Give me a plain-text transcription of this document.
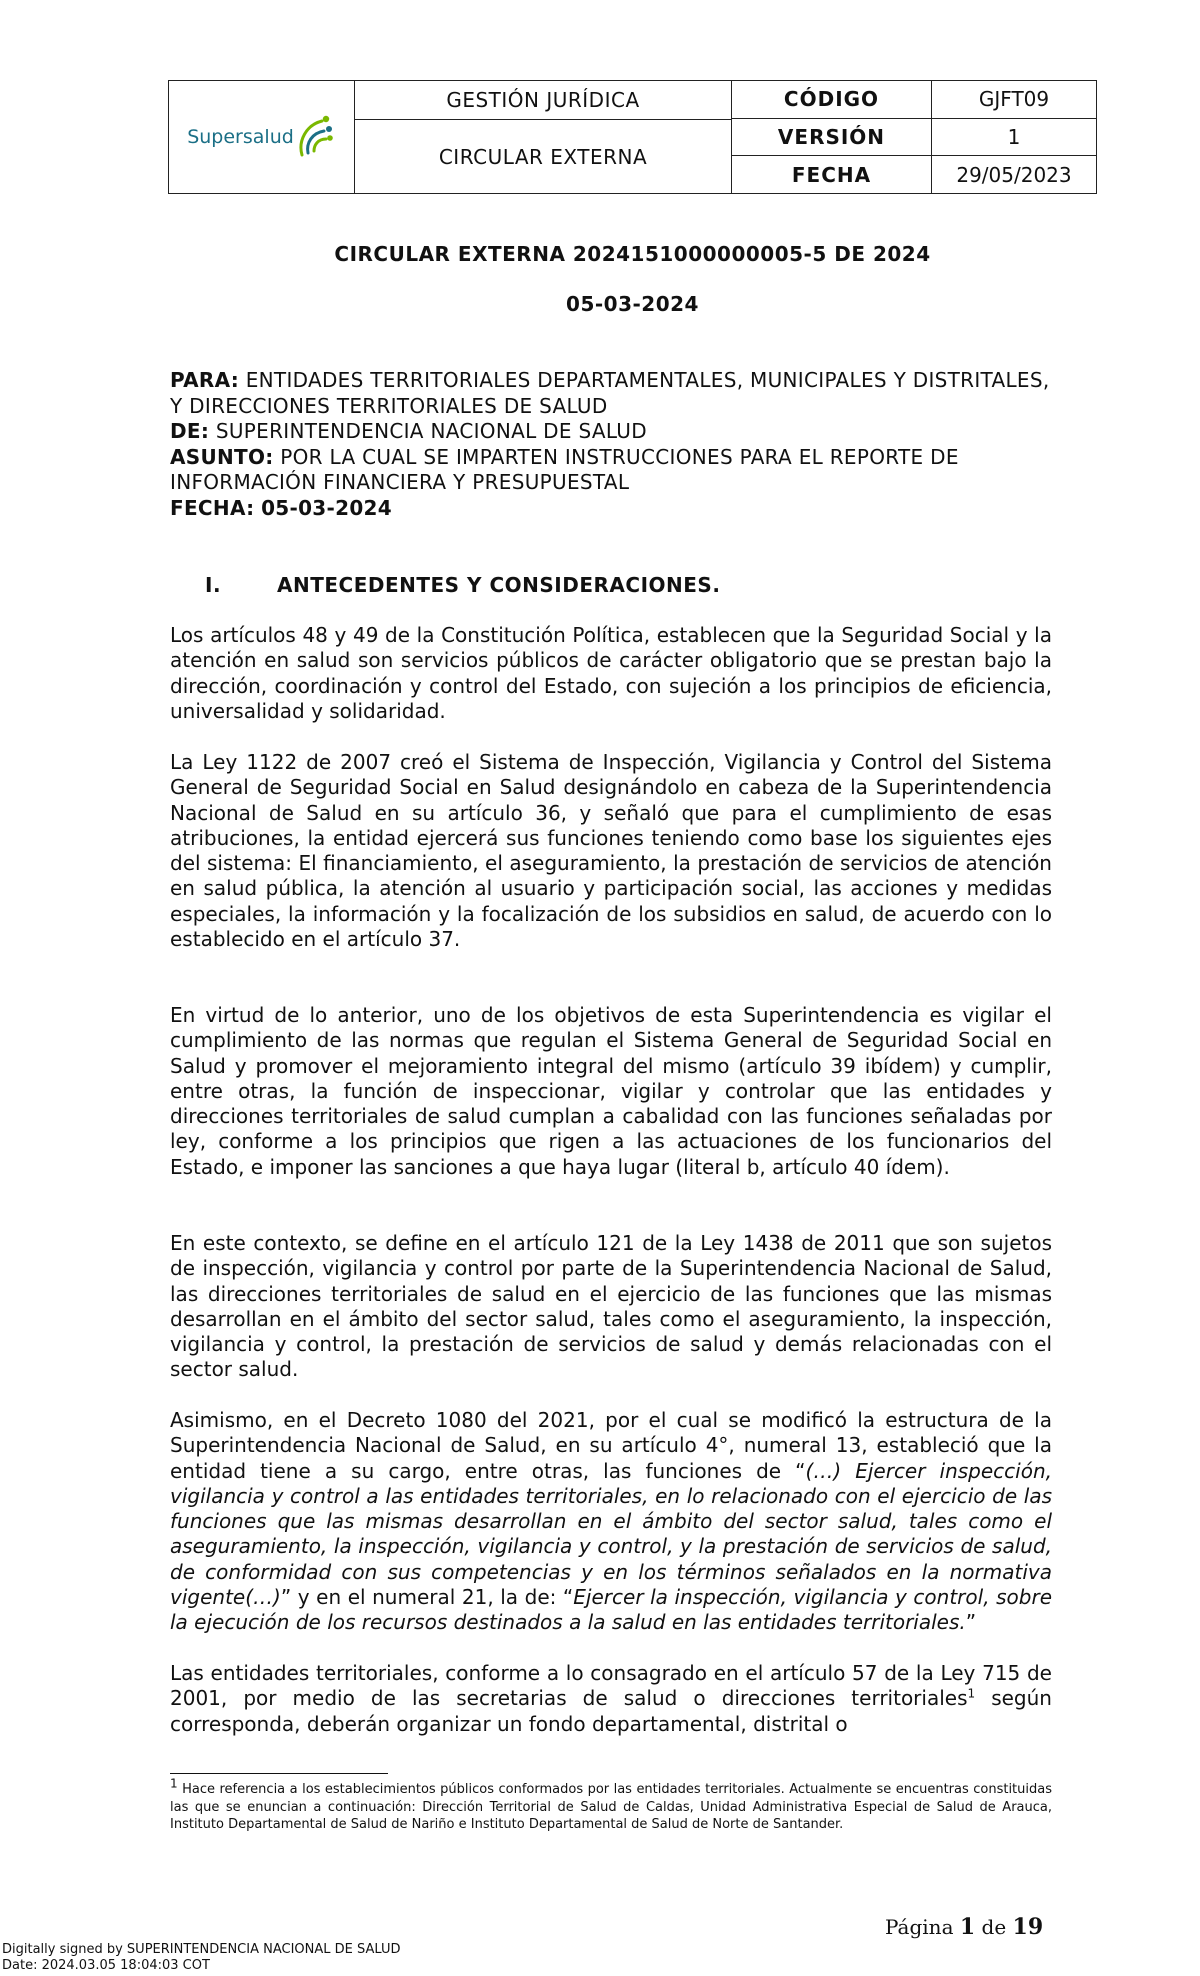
Supersalud
GESTIÓN JURÍDICA
CIRCULAR EXTERNA
CÓDIGO
VERSIÓN
FECHA
GJFT09
1
29/05/2023
CIRCULAR EXTERNA 2024151000000005-5 DE 2024
05-03-2024
PARA: ENTIDADES TERRITORIALES DEPARTAMENTALES, MUNICIPALES Y DISTRITALES, Y DIRECCIONES TERRITORIALES DE SALUD
DE: SUPERINTENDENCIA NACIONAL DE SALUD
ASUNTO: POR LA CUAL SE IMPARTEN INSTRUCCIONES PARA EL REPORTE DE INFORMACIÓN FINANCIERA Y PRESUPUESTAL
FECHA: 05-03-2024
I.	ANTECEDENTES Y CONSIDERACIONES.
Los artículos 48 y 49 de la Constitución Política, establecen que la Seguridad Social y la atención en salud son servicios públicos de carácter obligatorio que se prestan bajo la dirección, coordinación y control del Estado, con sujeción a los principios de eficiencia, universalidad y solidaridad.
La Ley 1122 de 2007 creó el Sistema de Inspección, Vigilancia y Control del Sistema General de Seguridad Social en Salud designándolo en cabeza de la Superintendencia Nacional de Salud en su artículo 36, y señaló que para el cumplimiento de esas atribuciones, la entidad ejercerá sus funciones teniendo como base los siguientes ejes del sistema: El financiamiento, el aseguramiento, la prestación de servicios de atención en salud pública, la atención al usuario y participación social, las acciones y medidas especiales, la información y la focalización de los subsidios en salud, de acuerdo con lo establecido en el artículo 37.
En virtud de lo anterior, uno de los objetivos de esta Superintendencia es vigilar el cumplimiento de las normas que regulan el Sistema General de Seguridad Social en Salud y promover el mejoramiento integral del mismo (artículo 39 ibídem) y cumplir, entre otras, la función de inspeccionar, vigilar y controlar que las entidades y direcciones territoriales de salud cumplan a cabalidad con las funciones señaladas por ley, conforme a los principios que rigen a las actuaciones de los funcionarios del Estado, e imponer las sanciones a que haya lugar (literal b, artículo 40 ídem).
En este contexto, se define en el artículo 121 de la Ley 1438 de 2011 que son sujetos de inspección, vigilancia y control por parte de la Superintendencia Nacional de Salud, las direcciones territoriales de salud en el ejercicio de las funciones que las mismas desarrollan en el ámbito del sector salud, tales como el aseguramiento, la inspección, vigilancia y control, la prestación de servicios de salud y demás relacionadas con el sector salud.
Asimismo, en el Decreto 1080 del 2021, por el cual se modificó la estructura de la Superintendencia Nacional de Salud, en su artículo 4°, numeral 13, estableció que la entidad tiene a su cargo, entre otras, las funciones de “(…) Ejercer inspección, vigilancia y control a las entidades territoriales, en lo relacionado con el ejercicio de las funciones que las mismas desarrollan en el ámbito del sector salud, tales como el aseguramiento, la inspección, vigilancia y control, y la prestación de servicios de salud, de conformidad con sus competencias y en los términos señalados en la normativa vigente(…)” y en el numeral 21, la de: “Ejercer la inspección, vigilancia y control, sobre la ejecución de los recursos destinados a la salud en las entidades territoriales.”
Las entidades territoriales, conforme a lo consagrado en el artículo 57 de la Ley 715 de 2001, por medio de las secretarias de salud o direcciones territoriales$^1$ según corresponda, deberán organizar un fondo departamental, distrital o
$^1$ Hace referencia a los establecimientos públicos conformados por las entidades territoriales. Actualmente se encuentras constituidas las que se enuncian a continuación: Dirección Territorial de Salud de Caldas, Unidad Administrativa Especial de Salud de Arauca, Instituto Departamental de Salud de Nariño e Instituto Departamental de Salud de Norte de Santander.
Página 1 de 19
Digitally signed by SUPERINTENDENCIA NACIONAL DE SALUD
Date: 2024.03.05 18:04:03 COT
